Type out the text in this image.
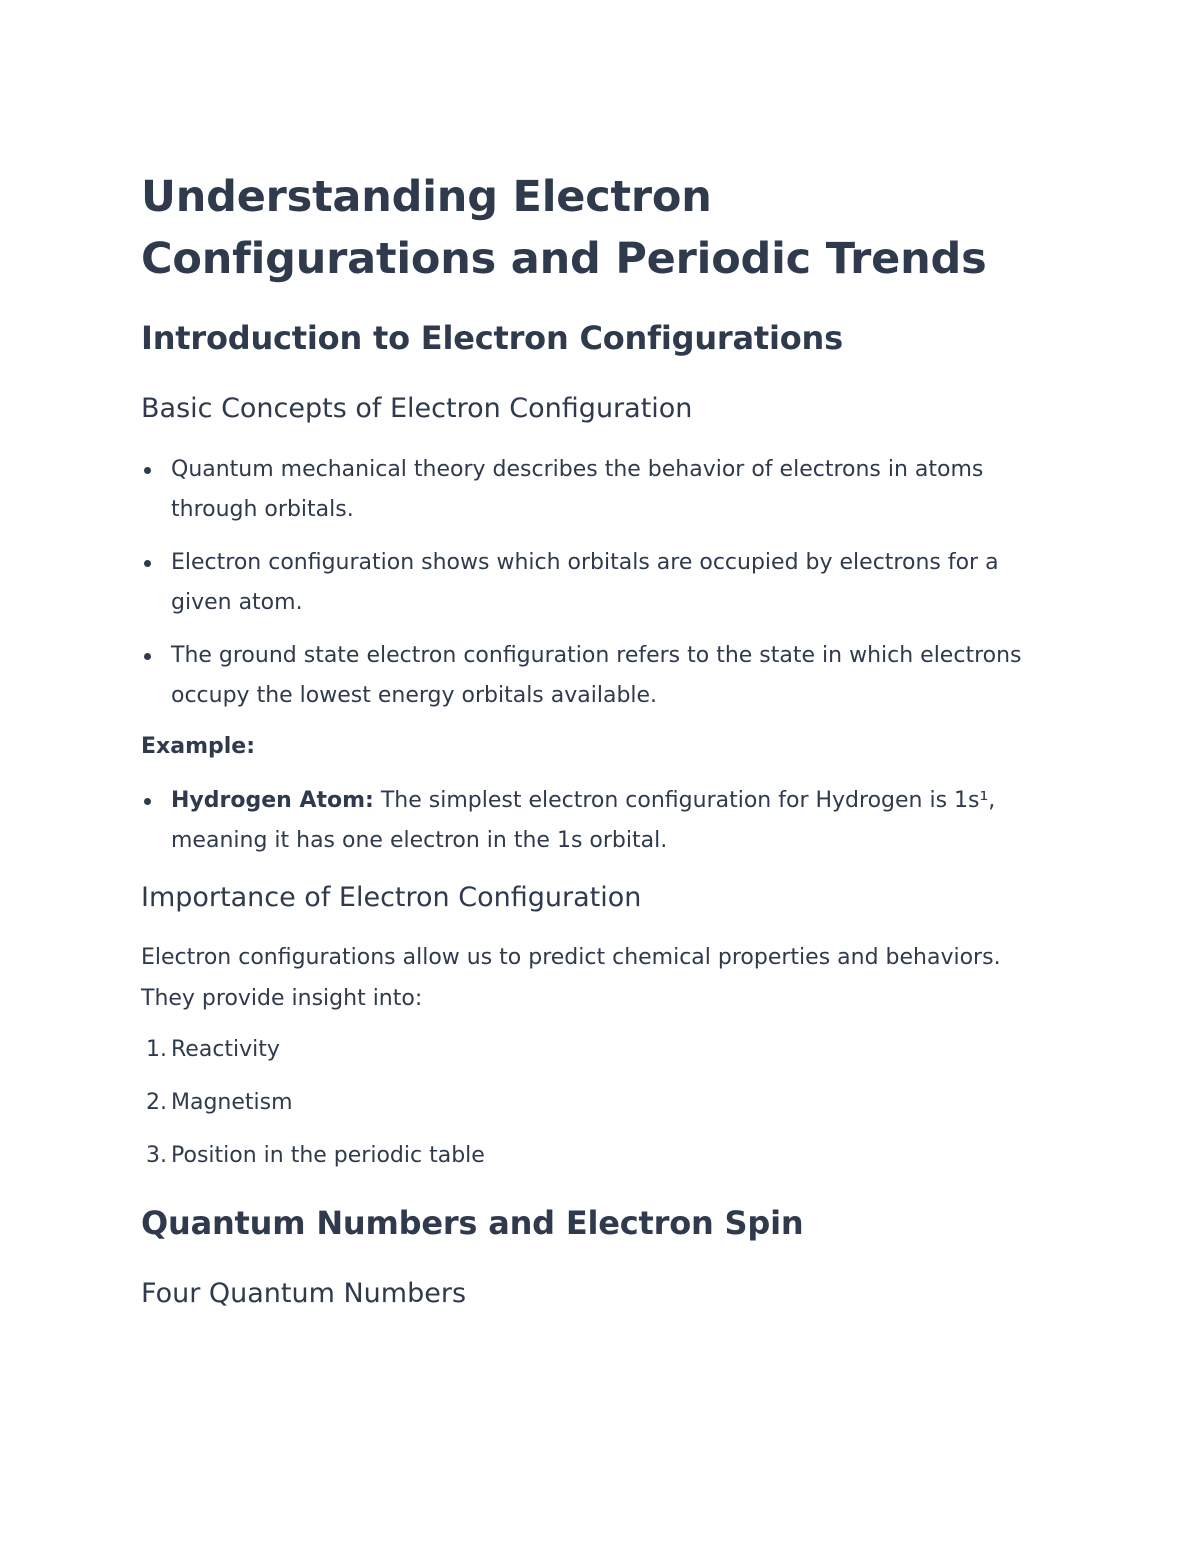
Understanding Electron Configurations and Periodic Trends
Introduction to Electron Configurations
Basic Concepts of Electron Configuration
Quantum mechanical theory describes the behavior of electrons in atoms through orbitals.
Electron configuration shows which orbitals are occupied by electrons for a given atom.
The ground state electron configuration refers to the state in which electrons occupy the lowest energy orbitals available.

Example:

Hydrogen Atom: The simplest electron configuration for Hydrogen is 1s¹, meaning it has one electron in the 1s orbital.
Importance of Electron Configuration

Electron configurations allow us to predict chemical properties and behaviors. They provide insight into:

1. Reactivity
2. Magnetism
3. Position in the periodic table
Quantum Numbers and Electron Spin
Four Quantum Numbers
